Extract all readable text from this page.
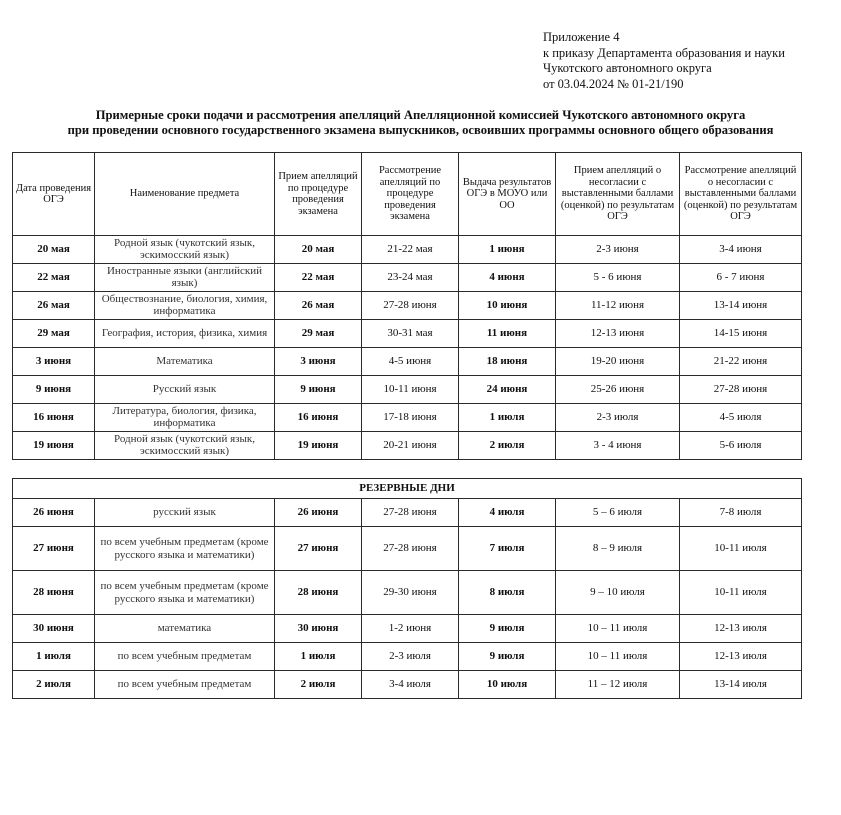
Приложение 4
к приказу Департамента образования и науки
Чукотского автономного округа
от 03.04.2024 № 01-21/190
Примерные сроки подачи и рассмотрения апелляций Апелляционной комиссией Чукотского автономного округа
при проведении основного государственного экзамена выпускников, освоивших программы основного общего образования
Дата проведения ОГЭ	Наименование предмета	Прием апелляций по процедуре проведения экзамена	Рассмотрение апелляций по процедуре проведения экзамена	Выдача результатов ОГЭ в МОУО или ОО	Прием апелляций о несогласии с выставленными баллами (оценкой) по результатам ОГЭ	Рассмотрение апелляций о несогласии с выставленными баллами (оценкой) по результатам ОГЭ
20 мая	Родной язык (чукотский язык, эскимосский язык)	20 мая	21-22 мая	1 июня	2-3 июня	3-4 июня
22 мая	Иностранные языки (английский язык)	22 мая	23-24 мая	4 июня	5 - 6 июня	6 - 7 июня
26 мая	Обществознание, биология, химия, информатика	26 мая	27-28 июня	10 июня	11-12 июня	13-14 июня
29 мая	География, история, физика, химия	29 мая	30-31 мая	11 июня	12-13 июня	14-15 июня
3 июня	Математика	3 июня	4-5 июня	18 июня	19-20 июня	21-22 июня
9 июня	Русский язык	9 июня	10-11 июня	24 июня	25-26 июня	27-28 июня
16 июня	Литература, биология, физика, информатика	16 июня	17-18 июня	1 июля	2-3 июля	4-5 июля
19 июня	Родной язык (чукотский язык, эскимосский язык)	19 июня	20-21 июня	2 июля	3 - 4 июня	5-6 июля
РЕЗЕРВНЫЕ ДНИ						
26 июня	русский язык	26 июня	27-28 июня	4 июля	5 – 6 июля	7-8 июля
27 июня	по всем учебным предметам (кроме русского языка и математики)	27 июня	27-28 июня	7 июля	8 – 9 июля	10-11 июля
28 июня	по всем учебным предметам (кроме русского языка и математики)	28 июня	29-30 июня	8 июля	9 – 10 июля	10-11 июля
30 июня	математика	30 июня	1-2 июня	9 июля	10 – 11 июля	12-13 июля
1 июля	по всем учебным предметам	1 июля	2-3 июля	9 июля	10 – 11 июля	12-13 июля
2 июля	по всем учебным предметам	2 июля	3-4 июля	10 июля	11 – 12 июля	13-14 июля
